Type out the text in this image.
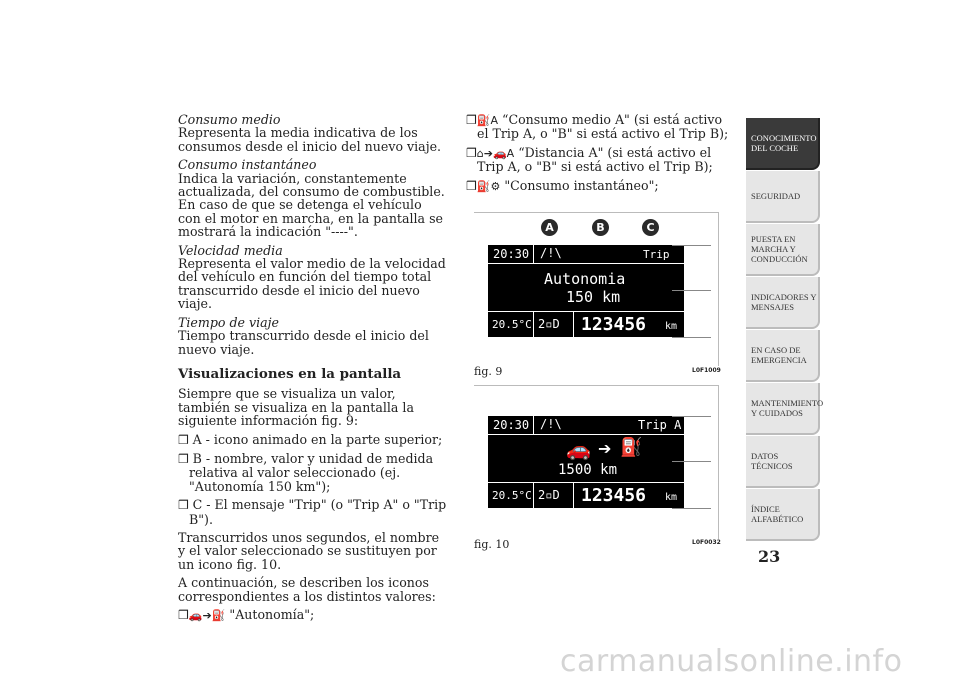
Consumo medio
Representa la media indicativa de los consumos desde el inicio del nuevo viaje.
Consumo instantáneo
Indica la variación, constantemente actualizada, del consumo de combustible. En caso de que se detenga el vehículo con el motor en marcha, en la pantalla se mostrará la indicación "----".
Velocidad media
Representa el valor medio de la velocidad del vehículo en función del tiempo total transcurrido desde el inicio del nuevo viaje.
Tiempo de viaje
Tiempo transcurrido desde el inicio del nuevo viaje.
Visualizaciones en la pantalla
Siempre que se visualiza un valor, también se visualiza en la pantalla la siguiente información fig. 9:
❒ A - icono animado en la parte superior;
❒ B - nombre, valor y unidad de medida relativa al valor seleccionado (ej. "Autonomía 150 km");
❒ C - El mensaje "Trip" (o "Trip A" o "Trip B").
Transcurridos unos segundos, el nombre y el valor seleccionado se sustituyen por un icono fig. 10.
A continuación, se describen los iconos correspondientes a los distintos valores:
❒🚗➔⛽ "Autonomía";
❒⛽A “Consumo medio A" (si está activo el Trip A, o "B" si está activo el Trip B);
❒⌂➔🚗A “Distancia A" (si está activo el Trip A, o "B" si está activo el Trip B);
❒⛽⚙ "Consumo instantáneo";
A	B	C
20:30 /!\	Trip
Autonomia
150 km
20.5°C 2▫D 123456 km
L0F1009
fig. 9
20:30 /!\	Trip A
🚗 ➔ ⛽
1500 km
20.5°C 2▫D 123456 km
L0F0032
fig. 10
CONOCIMIENTO DEL COCHE
SEGURIDAD
PUESTA EN MARCHA Y CONDUCCIÓN
INDICADORES Y MENSAJES
EN CASO DE EMERGENCIA
MANTENIMIENTO Y CUIDADOS
DATOS TÉCNICOS
ÍNDICE ALFABÉTICO
23
carmanualsonline.info
